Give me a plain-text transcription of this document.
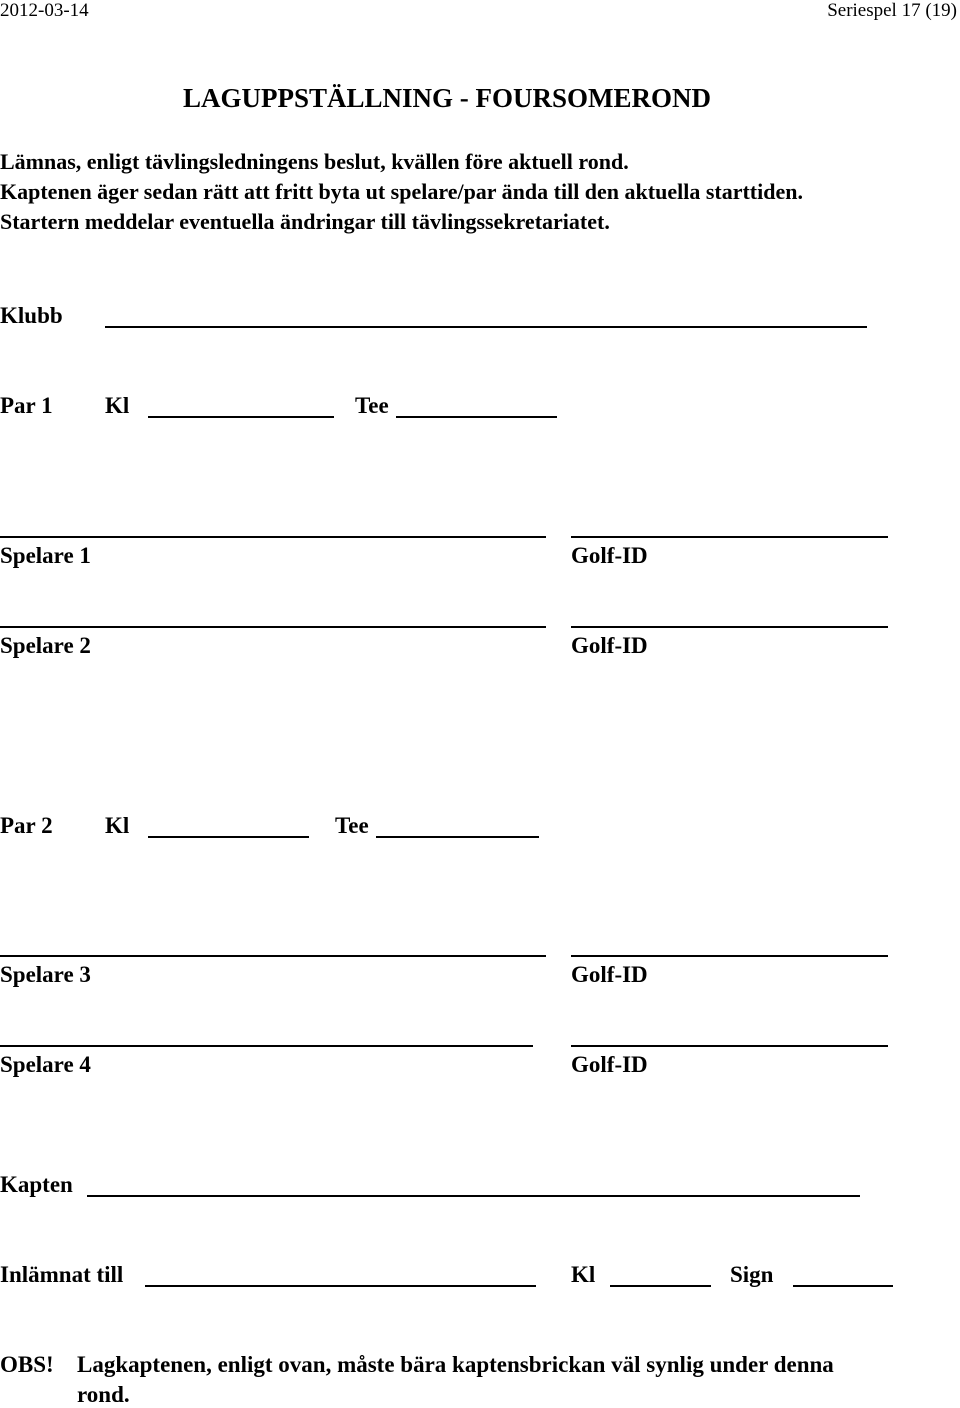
2012-03-14	Seriespel 17 (19)
LAGUPPSTÄLLNING - FOURSOMEROND
Lämnas, enligt tävlingsledningens beslut, kvällen före aktuell rond.
Kaptenen äger sedan rätt att fritt byta ut spelare/par ända till den aktuella starttiden.
Startern meddelar eventuella ändringar till tävlingssekretariatet.
Klubb
Par 1 Kl	Tee
Spelare 1	Golf-ID
Spelare 2	Golf-ID
Par 2 Kl	Tee
Spelare 3	Golf-ID
Spelare 4	Golf-ID
Kapten
Inlämnat till	Kl	Sign
OBS! Lagkaptenen, enligt ovan, måste bära kaptensbrickan väl synlig under denna
rond.
